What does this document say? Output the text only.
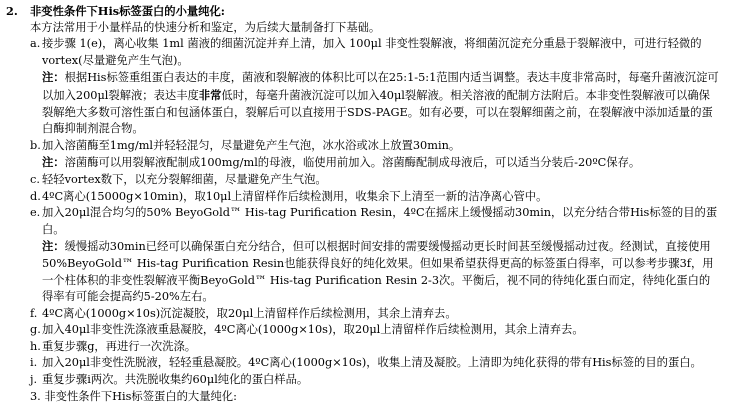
2.	非变性条件下His标签蛋白的小量纯化:
本方法常用于小量样品的快速分析和鉴定，为后续大量制备打下基础。
a. 接步骤 1(e)，离心收集 1ml 菌液的细菌沉淀并弃上清，加入 100μl 非变性裂解液，将细菌沉淀充分重悬于裂解液中，可进行轻微的 vortex(尽量避免产生气泡)。
注：根据His标签重组蛋白表达的丰度，菌液和裂解液的体积比可以在25:1-5:1范围内适当调整。表达丰度非常高时，每毫升菌液沉淀可以加入200μl裂解液；表达丰度非常低时，每毫升菌液沉淀可以加入40μl裂解液。相关溶液的配制方法附后。本非变性裂解液可以确保裂解绝大多数可溶性蛋白和包涵体蛋白，裂解后可以直接用于SDS-PAGE。如有必要，可以在裂解细菌之前，在裂解液中添加适量的蛋白酶抑制剂混合物。
b. 加入溶菌酶至1mg/ml并轻轻混匀，尽量避免产生气泡，冰水浴或冰上放置30min。
注：溶菌酶可以用裂解液配制成100mg/ml的母液，临使用前加入。溶菌酶配制成母液后，可以适当分装后-20ºC保存。
c. 轻轻vortex数下，以充分裂解细菌，尽量避免产生气泡。
d. 4ºC离心(15000g×10min)，取10μl上清留样作后续检测用，收集余下上清至一新的洁净离心管中。
e. 加入20μl混合均匀的50% BeyoGold™ His-tag Purification Resin，4ºC在摇床上缓慢摇动30min，以充分结合带His标签的目的蛋白。
注：缓慢摇动30min已经可以确保蛋白充分结合，但可以根据时间安排的需要缓慢摇动更长时间甚至缓慢摇动过夜。经测试，直接使用50%BeyoGold™ His-tag Purification Resin也能获得良好的纯化效果。但如果希望获得更高的标签蛋白得率，可以参考步骤3f，用一个柱体积的非变性裂解液平衡BeyoGold™ His-tag Purification Resin 2-3次。平衡后，视不同的待纯化蛋白而定，待纯化蛋白的得率有可能会提高约5-20%左右。
f. 4ºC离心(1000g×10s)沉淀凝胶，取20μl上清留样作后续检测用，其余上清弃去。
g. 加入40μl非变性洗涤液重悬凝胶，4ºC离心(1000g×10s)，取20μl上清留样作后续检测用，其余上清弃去。
h. 重复步骤g，再进行一次洗涤。
i. 加入20μl非变性洗脱液，轻轻重悬凝胶。4ºC离心(1000g×10s)，收集上清及凝胶。上清即为纯化获得的带有His标签的目的蛋白。
j. 重复步骤i两次。共洗脱收集约60μl纯化的蛋白样品。
3. 非变性条件下His标签蛋白的大量纯化:
